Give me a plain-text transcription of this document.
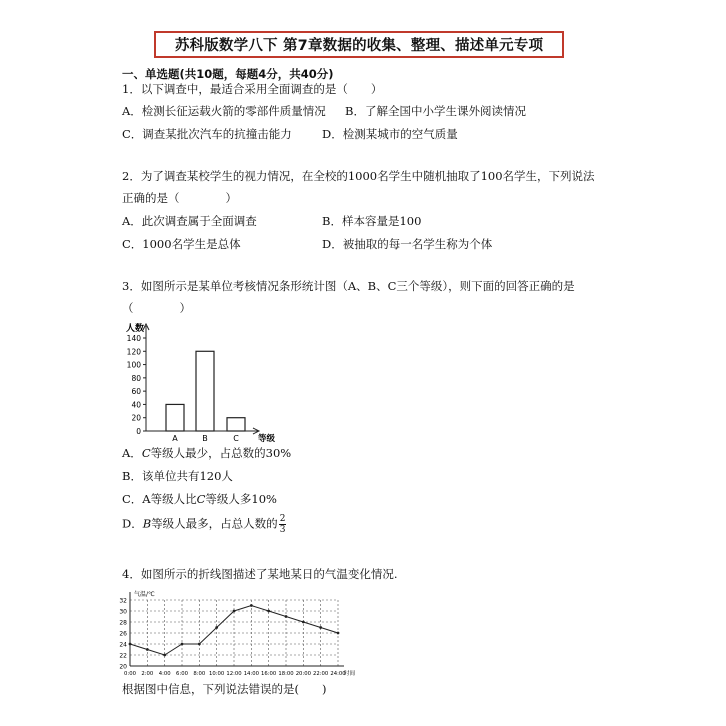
苏科版数学八下 第7章数据的收集、整理、描述单元专项
一、单选题(共10题，每题4分，共40分)
1．以下调查中，最适合采用全面调查的是（　　）
A．检测长征运载火箭的零部件质量情况 B．了解全国中小学生课外阅读情况
C．调查某批次汽车的抗撞击能力	D．检测某城市的空气质量
2．为了调查某校学生的视力情况，在全校的1000名学生中随机抽取了100名学生，下列说法
正确的是（　　　　）
A．此次调查属于全面调查	B．样本容量是100
C．1000名学生是总体	D．被抽取的每一名学生称为个体
3．如图所示是某单位考核情况条形统计图（A、B、C三个等级），则下面的回答正确的是
（　　　　）
人数
等级
0
20
40
60
80
100
120
140
A	B	C
A．C等级人最少，占总数的30%
B．该单位共有120人
C．A等级人比C等级人多10%
D．B等级人最多，占总人数的 $\frac{2}{3}$
4．如图所示的折线图描述了某地某日的气温变化情况.
20
22
24
26
28
30
32
气温/℃
0:00 2:00 4:00 6:00 8:00 10:00 12:00 14:00 16:00 18:00 20:00 22:00 24:00
时间
根据图中信息，下列说法错误的是(　　)
